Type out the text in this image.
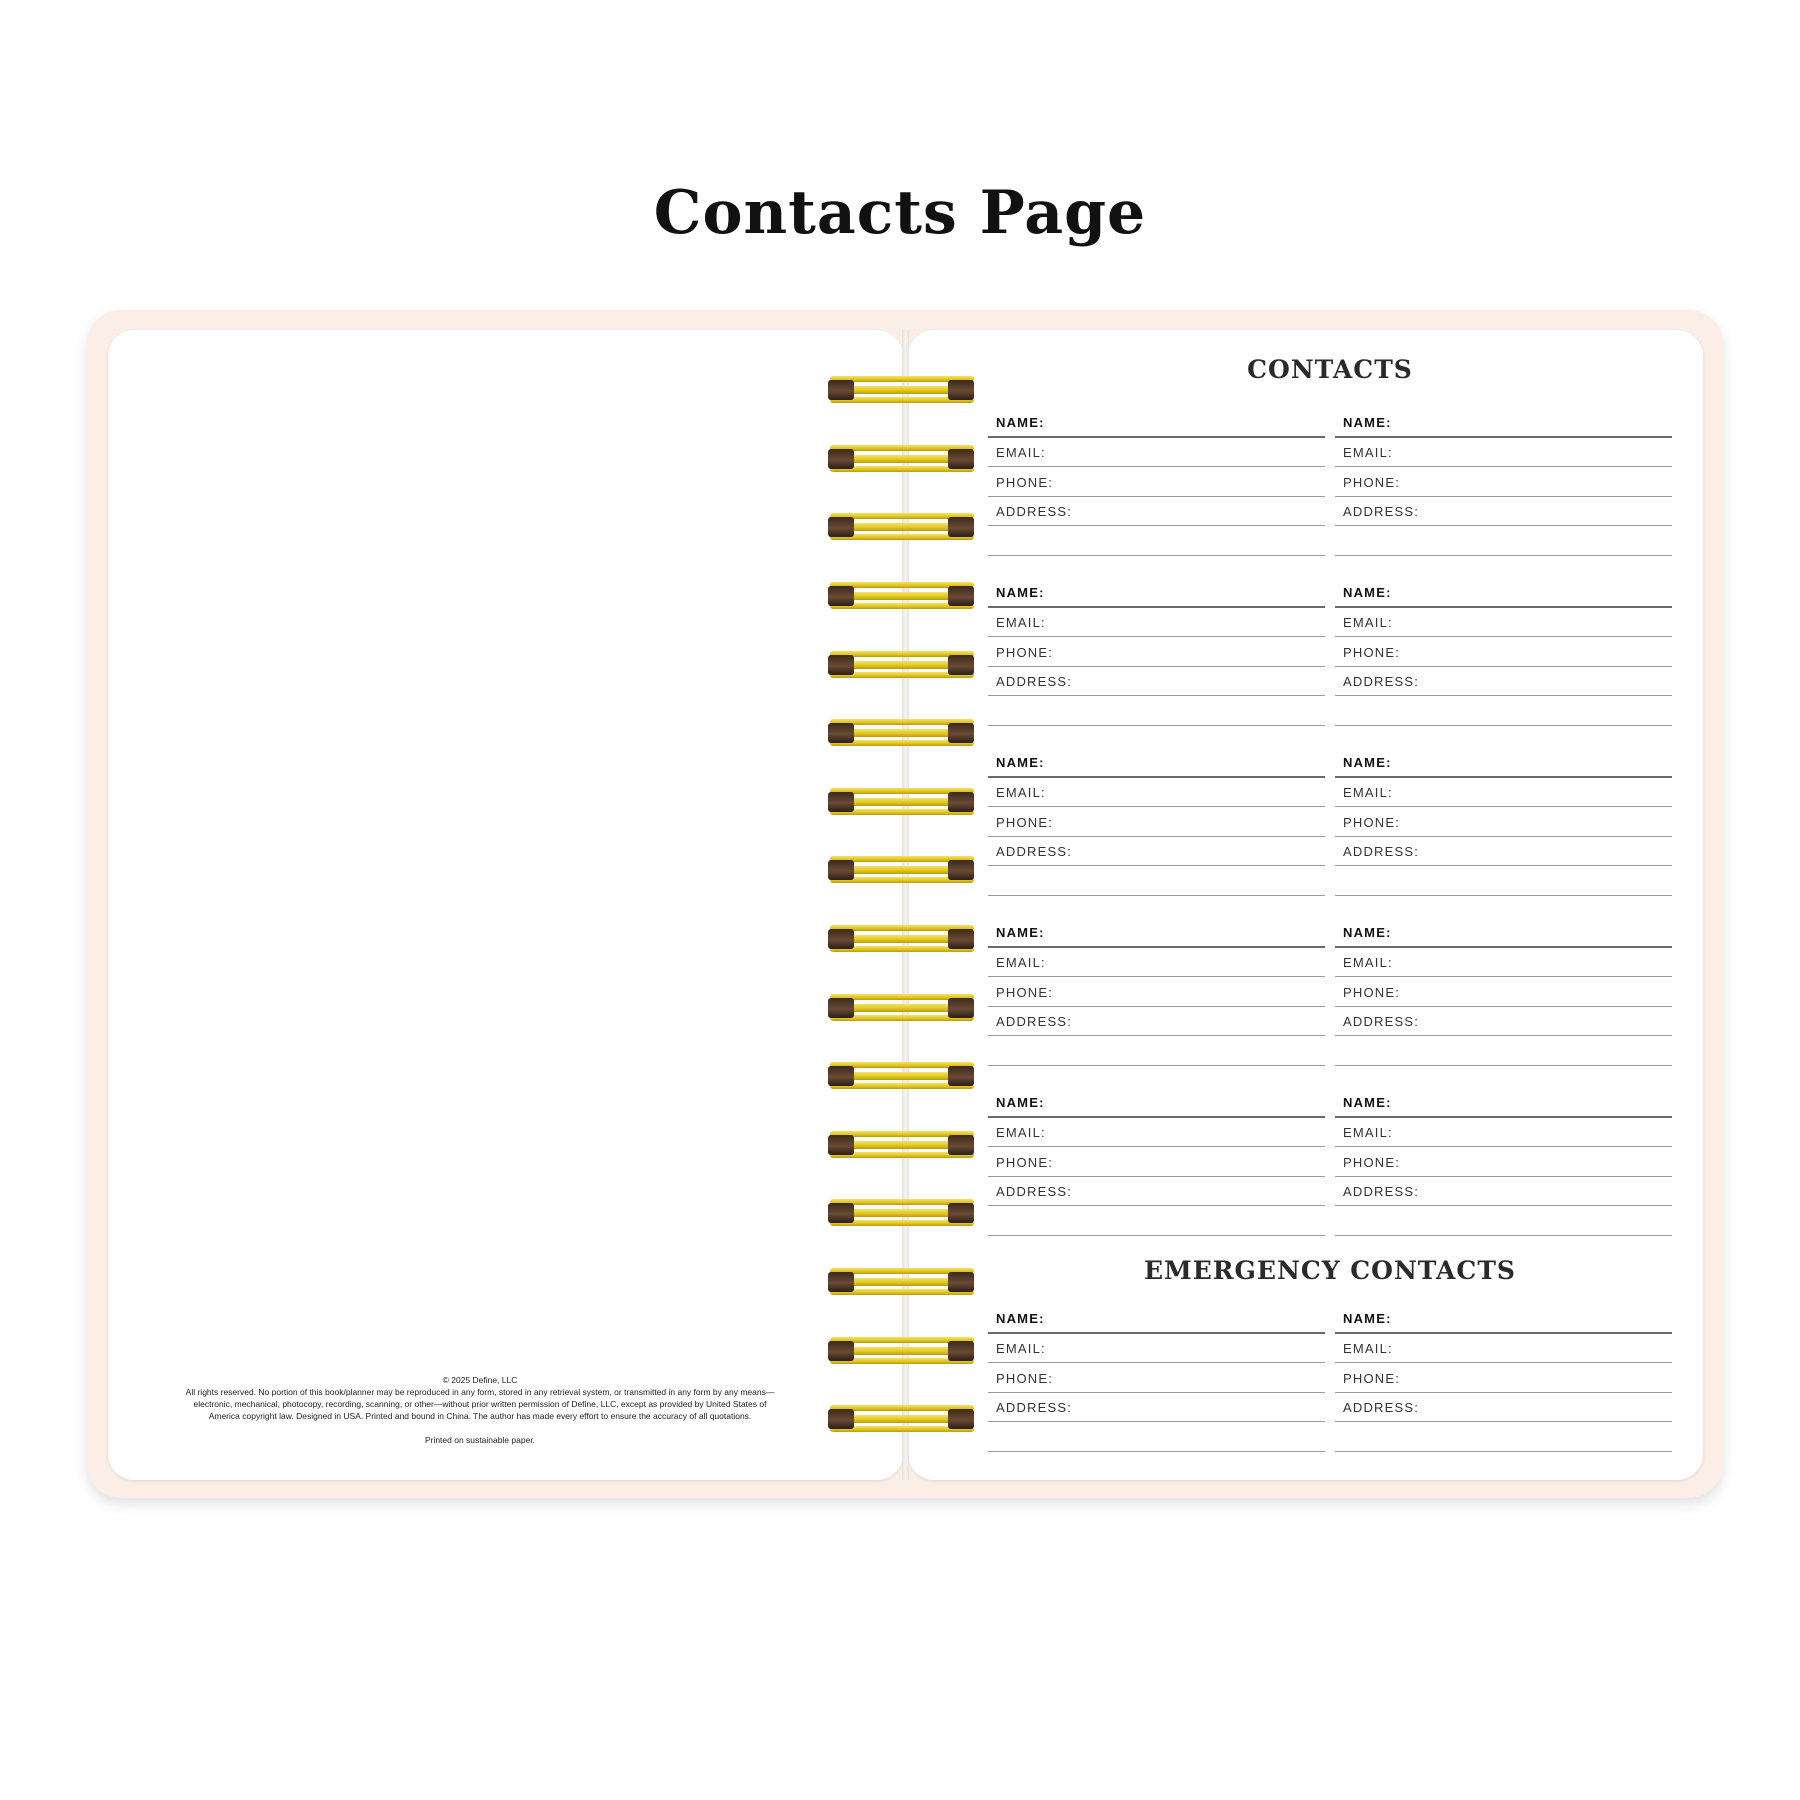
Contacts Page

© 2025 Define, LLC

All rights reserved. No portion of this book/planner may be reproduced in any form, stored in any retrieval system, or transmitted in any form by any means—electronic, mechanical, photocopy, recording, scanning, or other—without prior written permission of Define, LLC, except as provided by United States of America copyright law. Designed in USA. Printed and bound in China. The author has made every effort to ensure the accuracy of all quotations.

Printed on sustainable paper.

CONTACTS
EMERGENCY CONTACTS
NAME:
EMAIL:
PHONE:
ADDRESS:
NAME:
EMAIL:
PHONE:
ADDRESS:
NAME:
EMAIL:
PHONE:
ADDRESS:
NAME:
EMAIL:
PHONE:
ADDRESS:
NAME:
EMAIL:
PHONE:
ADDRESS:
NAME:
EMAIL:
PHONE:
ADDRESS:
NAME:
EMAIL:
PHONE:
ADDRESS:
NAME:
EMAIL:
PHONE:
ADDRESS:
NAME:
EMAIL:
PHONE:
ADDRESS:
NAME:
EMAIL:
PHONE:
ADDRESS:
NAME:
EMAIL:
PHONE:
ADDRESS:
NAME:
EMAIL:
PHONE:
ADDRESS:
